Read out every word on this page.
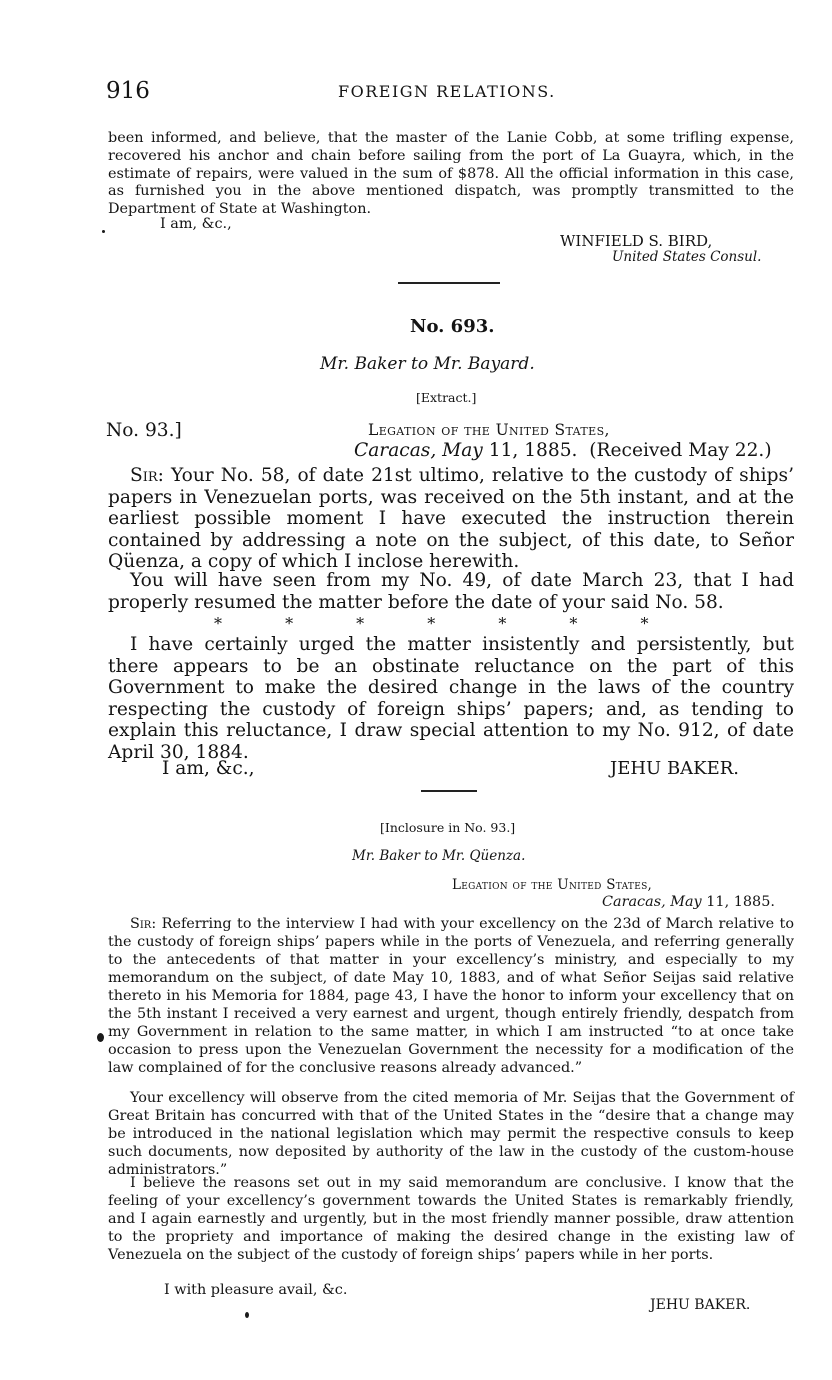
916	FOREIGN RELATIONS.
been informed, and believe, that the master of the Lanie Cobb, at some trifling expense, recovered his anchor and chain before sailing from the port of La Guayra, which, in the estimate of repairs, were valued in the sum of $878. All the official information in this case, as furnished you in the above mentioned dispatch, was promptly transmitted to the Department of State at Washington.
I am, &c.,
WINFIELD S. BIRD,
United States Consul.
No. 693.
Mr. Baker to Mr. Bayard.
[Extract.]
No. 93.]	Legation of the United States,
Caracas, May 11, 1885. (Received May 22.)
Sir: Your No. 58, of date 21st ultimo, relative to the custody of ships’ papers in Venezuelan ports, was received on the 5th instant, and at the earliest possible moment I have executed the instruction therein contained by addressing a note on the subject, of this date, to Señor Qüenza, a copy of which I inclose herewith.
You will have seen from my No. 49, of date March 23, that I had properly resumed the matter before the date of your said No. 58.
* * * * * * *
I have certainly urged the matter insistently and persistently, but there appears to be an obstinate reluctance on the part of this Government to make the desired change in the laws of the country respecting the custody of foreign ships’ papers; and, as tending to explain this reluctance, I draw special attention to my No. 912, of date April 30, 1884.
I am, &c.,	JEHU BAKER.
[Inclosure in No. 93.]
Mr. Baker to Mr. Qüenza.
Legation of the United States,
Caracas, May 11, 1885.
Sir: Referring to the interview I had with your excellency on the 23d of March relative to the custody of foreign ships’ papers while in the ports of Venezuela, and referring generally to the antecedents of that matter in your excellency’s ministry, and especially to my memorandum on the subject, of date May 10, 1883, and of what Señor Seijas said relative thereto in his Memoria for 1884, page 43, I have the honor to inform your excellency that on the 5th instant I received a very earnest and urgent, though entirely friendly, despatch from my Government in relation to the same matter, in which I am instructed “to at once take occasion to press upon the Venezuelan Government the necessity for a modification of the law complained of for the conclusive reasons already advanced.”
Your excellency will observe from the cited memoria of Mr. Seijas that the Government of Great Britain has concurred with that of the United States in the “desire that a change may be introduced in the national legislation which may permit the respective consuls to keep such documents, now deposited by authority of the law in the custody of the custom-house administrators.”
I believe the reasons set out in my said memorandum are conclusive. I know that the feeling of your excellency’s government towards the United States is remarkably friendly, and I again earnestly and urgently, but in the most friendly manner possible, draw attention to the propriety and importance of making the desired change in the existing law of Venezuela on the subject of the custody of foreign ships’ papers while in her ports.
I with pleasure avail, &c.
JEHU BAKER.
